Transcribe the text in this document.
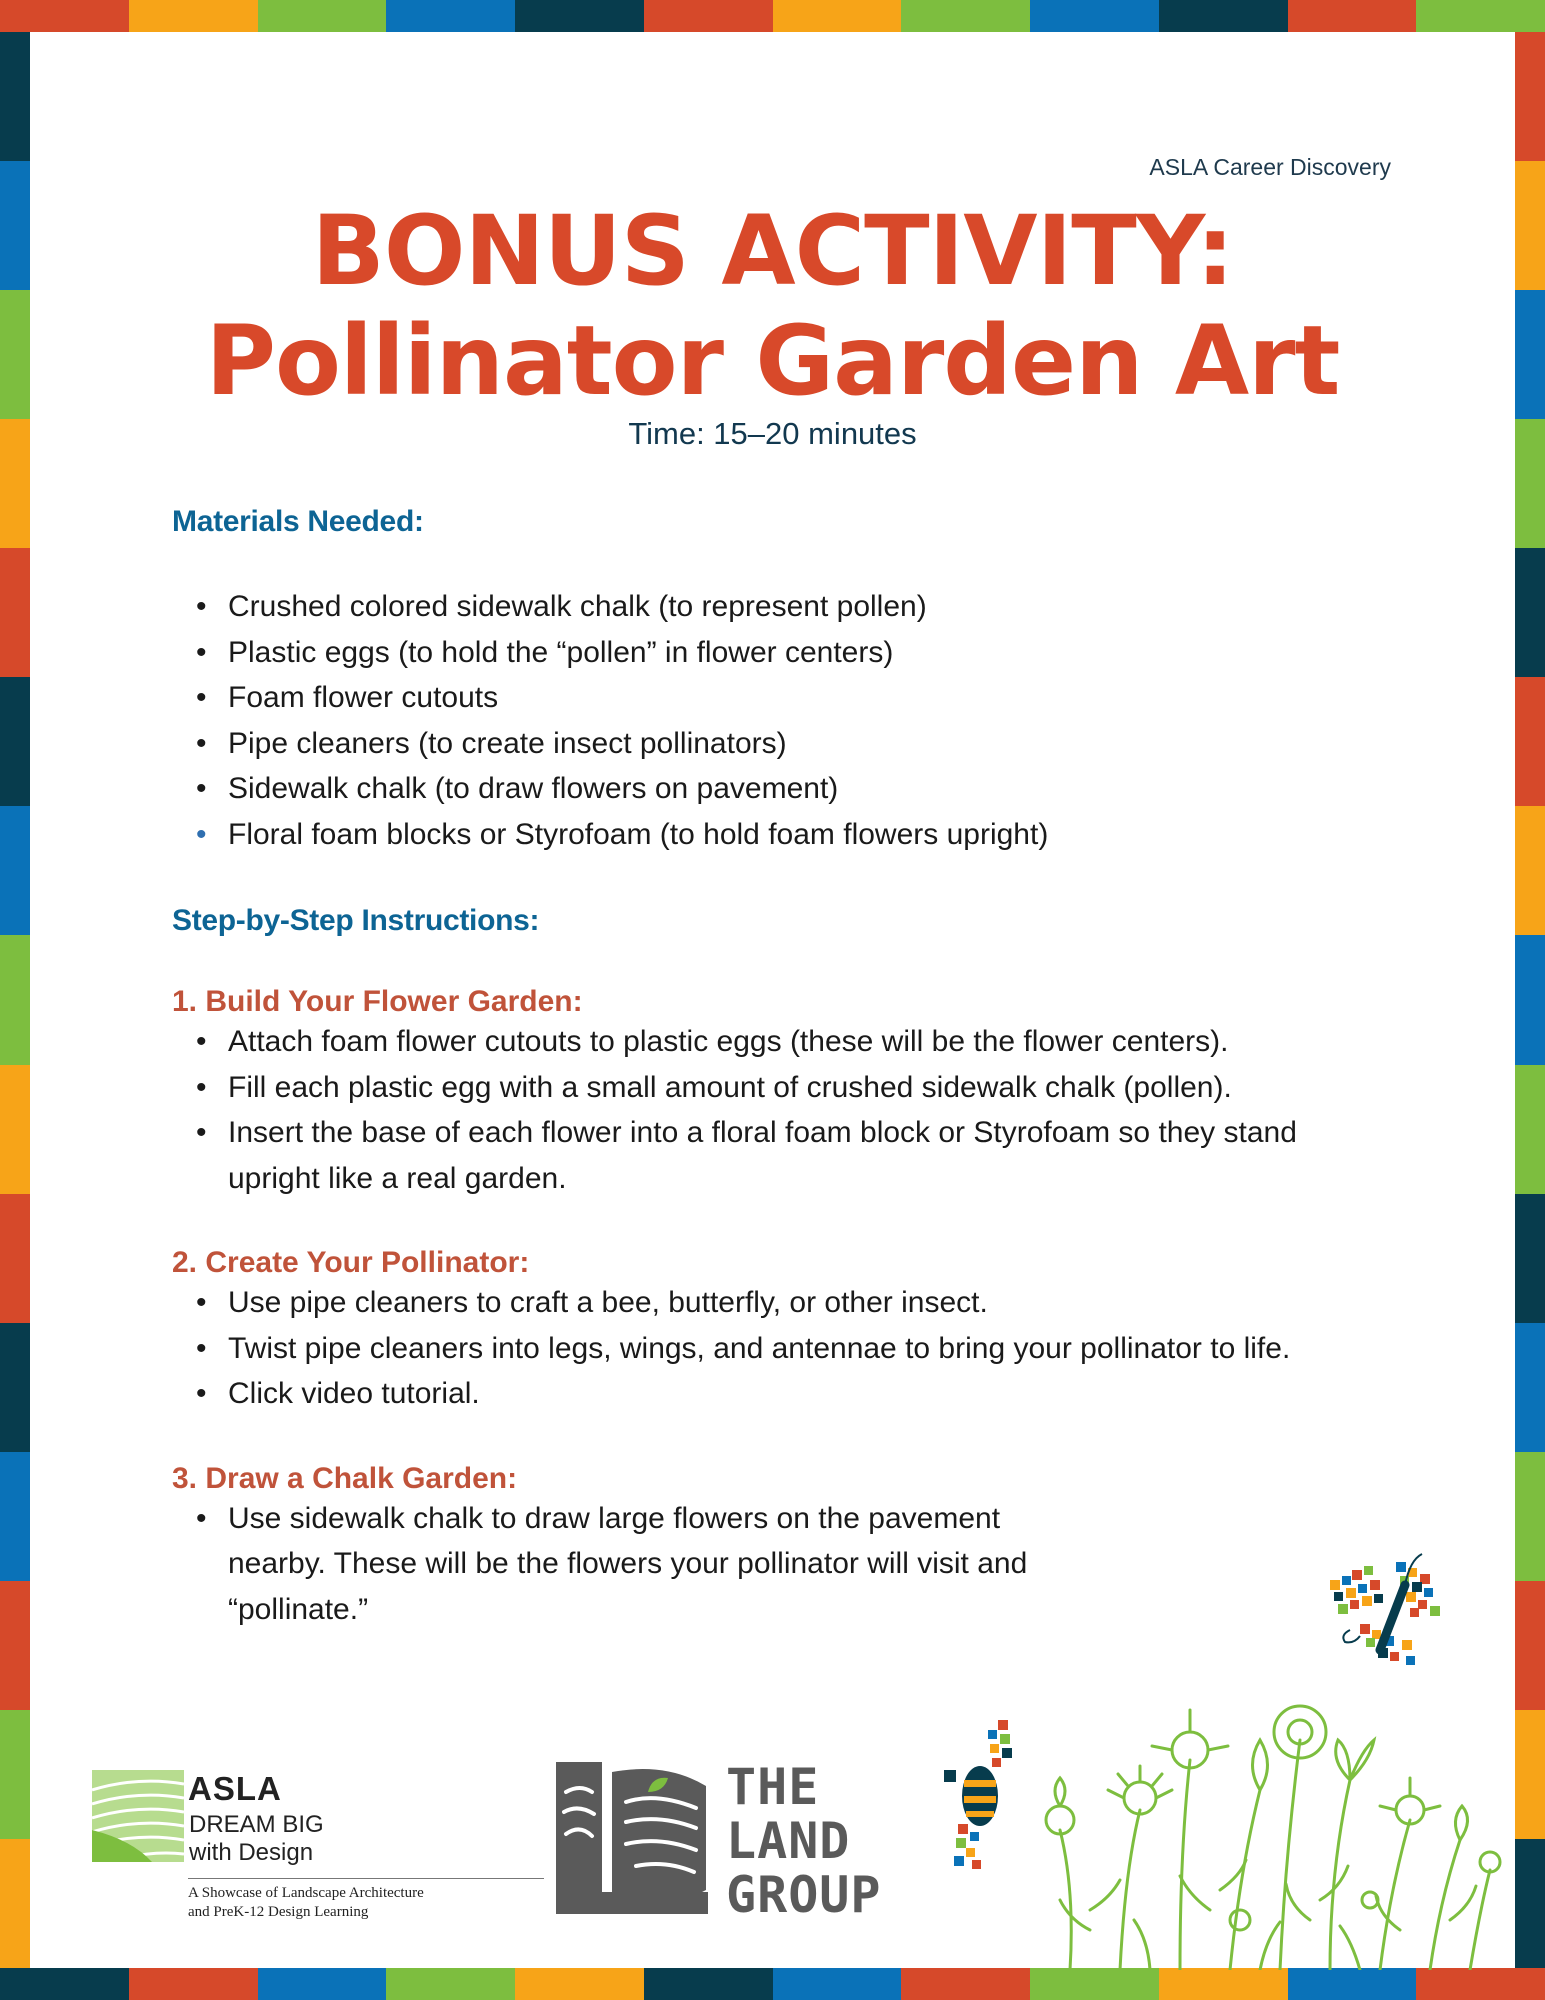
ASLA Career Discovery
BONUS ACTIVITY:
Pollinator Garden Art
Time: 15–20 minutes
Materials Needed:
• Crushed colored sidewalk chalk (to represent pollen)
• Plastic eggs (to hold the “pollen” in flower centers)
• Foam flower cutouts
• Pipe cleaners (to create insect pollinators)
• Sidewalk chalk (to draw flowers on pavement)
• Floral foam blocks or Styrofoam (to hold foam flowers upright)
Step-by-Step Instructions:
1. Build Your Flower Garden:
• Attach foam flower cutouts to plastic eggs (these will be the flower centers).
• Fill each plastic egg with a small amount of crushed sidewalk chalk (pollen).
• Insert the base of each flower into a floral foam block or Styrofoam so they stand upright like a real garden.
2. Create Your Pollinator:
• Use pipe cleaners to craft a bee, butterfly, or other insect.
• Twist pipe cleaners into legs, wings, and antennae to bring your pollinator to life.
• Click video tutorial.
3. Draw a Chalk Garden:
• Use sidewalk chalk to draw large flowers on the pavement nearby. These will be the flowers your pollinator will visit and “pollinate.”
ASLA
DREAM BIG
with Design
A Showcase of Landscape Architecture
and PreK-12 Design Learning
THE
LAND
GROUP
